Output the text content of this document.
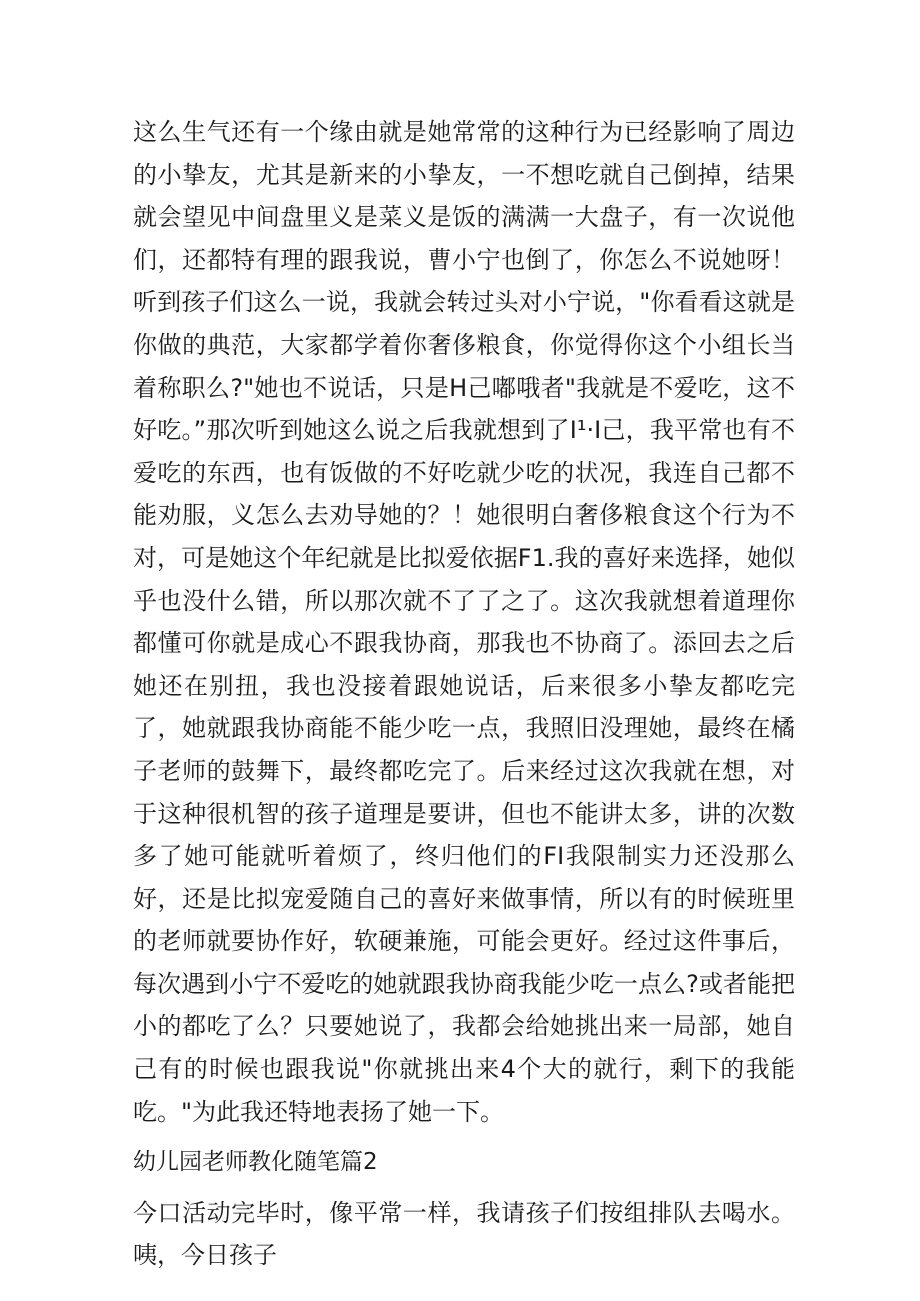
这么生气还有一个缘由就是她常常的这种行为已经影响了周边的小挚友，尤其是新来的小挚友，一不想吃就自己倒掉，结果就会望见中间盘里义是菜义是饭的满满一大盘子，有一次说他们，还都特有理的跟我说，曹小宁也倒了，你怎么不说她呀！听到孩子们这么一说，我就会转过头对小宁说，"你看看这就是你做的典范，大家都学着你奢侈粮食，你觉得你这个小组长当着称职么?"她也不说话，只是H己嘟哦者"我就是不爱吃，这不好吃。”那次听到她这么说之后我就想到了I¹·I己，我平常也有不爱吃的东西，也有饭做的不好吃就少吃的状况，我连自己都不能劝服，义怎么去劝导她的？！她很明白奢侈粮食这个行为不对，可是她这个年纪就是比拟爱依据F1.我的喜好来选择，她似乎也没什么错，所以那次就不了了之了。这次我就想着道理你都懂可你就是成心不跟我协商，那我也不协商了。添回去之后她还在别扭，我也没接着跟她说话，后来很多小挚友都吃完了，她就跟我协商能不能少吃一点，我照旧没理她，最终在橘子老师的鼓舞下，最终都吃完了。后来经过这次我就在想，对于这种很机智的孩子道理是要讲，但也不能讲太多，讲的次数多了她可能就听着烦了，终归他们的FI我限制实力还没那么好，还是比拟宠爱随自己的喜好来做事情，所以有的时候班里的老师就要协作好，软硬兼施，可能会更好。经过这件事后，每次遇到小宁不爱吃的她就跟我协商我能少吃一点么?或者能把小的都吃了么？只要她说了，我都会给她挑出来一局部，她自己有的时候也跟我说"你就挑出来4个大的就行，剩下的我能吃。"为此我还特地表扬了她一下。

幼儿园老师教化随笔篇2

今口活动完毕时，像平常一样，我请孩子们按组排队去喝水。咦，今日孩子
